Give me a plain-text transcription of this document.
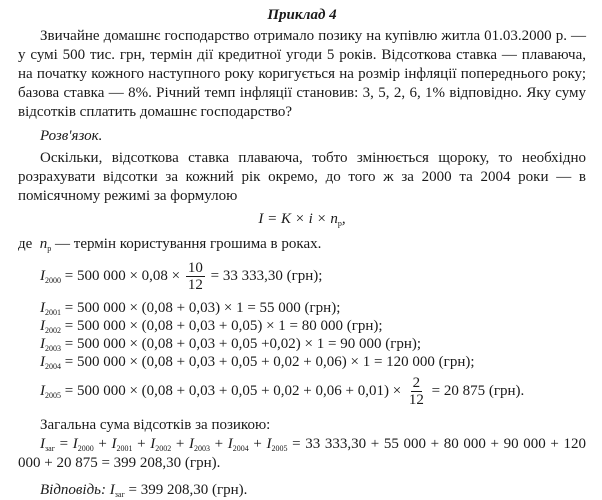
Приклад 4

Звичайне домашнє господарство отримало позику на купівлю житла 01.03.2000 р. — у сумі 500 тис. грн, термін дії кредитної угоди 5 років. Відсоткова ставка — плаваюча, на початку кожного наступного року коригується на розмір інфляції попереднього року; базова ставка — 8%. Річний темп інфляції становив: 3, 5, 2, 6, 1% відповідно. Яку суму відсотків сплатить домашнє господарство?

Розв'язок.

Оскільки, відсоткова ставка плаваюча, тобто змінюється щороку, то необхідно розрахувати відсотки за кожний рік окремо, до того ж за 2000 та 2004 роки — в помісячному режимі за формулою

$I = K \times i \times n_р$,

де $n_р$ — термін користування грошима в роках.

$I_{2000} = 500$ $000 \times 0,08 \times \frac{10}{12} = 33$ 333,30 (грн);

$I_{2001} = 500$ 000 × (0,08 + 0,03) × 1 = 55 000 (грн);

$I_{2002} = 500$ 000 × (0,08 + 0,03 + 0,05) × 1 = 80 000 (грн);

$I_{2003} = 500$ 000 × (0,08 + 0,03 + 0,05 +0,02) × 1 = 90 000 (грн);

$I_{2004} = 500$ 000 × (0,08 + 0,03 + 0,05 + 0,02 + 0,06) × 1 = 120 000 (грн);

$I_{2005} = 500$ $000 \times (0,08 + 0,03 + 0,05 + 0,02 + 0,06 + 0,01) \times \frac{2}{12} = 20$ 875 (грн).

Загальна сума відсотків за позикою:

$I_{заг} = I_{2000} + I_{2001} + I_{2002} + I_{2003} + I_{2004} + I_{2005} = 33$ 333,30 + 55 000 + 80 000 + 90 000 + 120 000 + 20 875 = 399 208,30 (грн).

Відповідь: $I_{заг} = 399$ 208,30 (грн).
